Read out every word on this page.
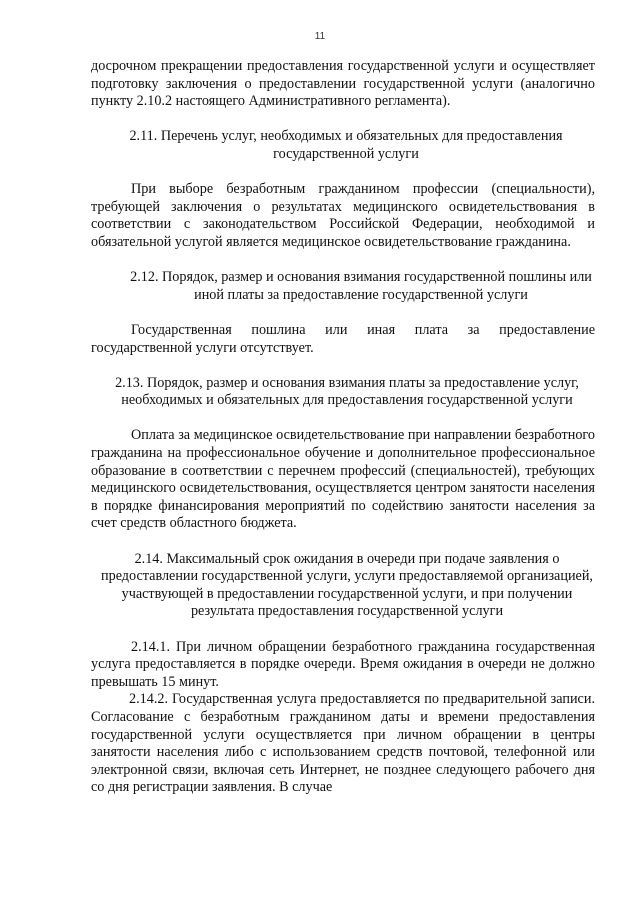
11

досрочном прекращении предоставления государственной услуги и осуществляет подготовку заключения о предоставлении государственной услуги (аналогично пункту 2.10.2 настоящего Административного регламента).

2.11. Перечень услуг, необходимых и обязательных для предоставления государственной услуги

При выборе безработным гражданином профессии (специальности), требующей заключения о результатах медицинского освидетельствования в соответствии с законодательством Российской Федерации, необходимой и обязательной услугой является медицинское освидетельствование гражданина.

2.12. Порядок, размер и основания взимания государственной пошлины или иной платы за предоставление государственной услуги

Государственная пошлина или иная плата за предоставление государственной услуги отсутствует.

2.13. Порядок, размер и основания взимания платы за предоставление услуг, необходимых и обязательных для предоставления государственной услуги

Оплата за медицинское освидетельствование при направлении безработного гражданина на профессиональное обучение и дополнительное профессиональное образование в соответствии с перечнем профессий (специальностей), требующих медицинского освидетельствования, осуществляется центром занятости населения в порядке финансирования мероприятий по содействию занятости населения за счет средств областного бюджета.

2.14. Максимальный срок ожидания в очереди при подаче заявления о предоставлении государственной услуги, услуги предоставляемой организацией, участвующей в предоставлении государственной услуги, и при получении результата предоставления государственной услуги

2.14.1. При личном обращении безработного гражданина государственная услуга предоставляется в порядке очереди. Время ожидания в очереди не должно превышать 15 минут.

2.14.2. Государственная услуга предоставляется по предварительной записи. Согласование с безработным гражданином даты и времени предоставления государственной услуги осуществляется при личном обращении в центры занятости населения либо с использованием средств почтовой, телефонной или электронной связи, включая сеть Интернет, не позднее следующего рабочего дня со дня регистрации заявления. В случае
